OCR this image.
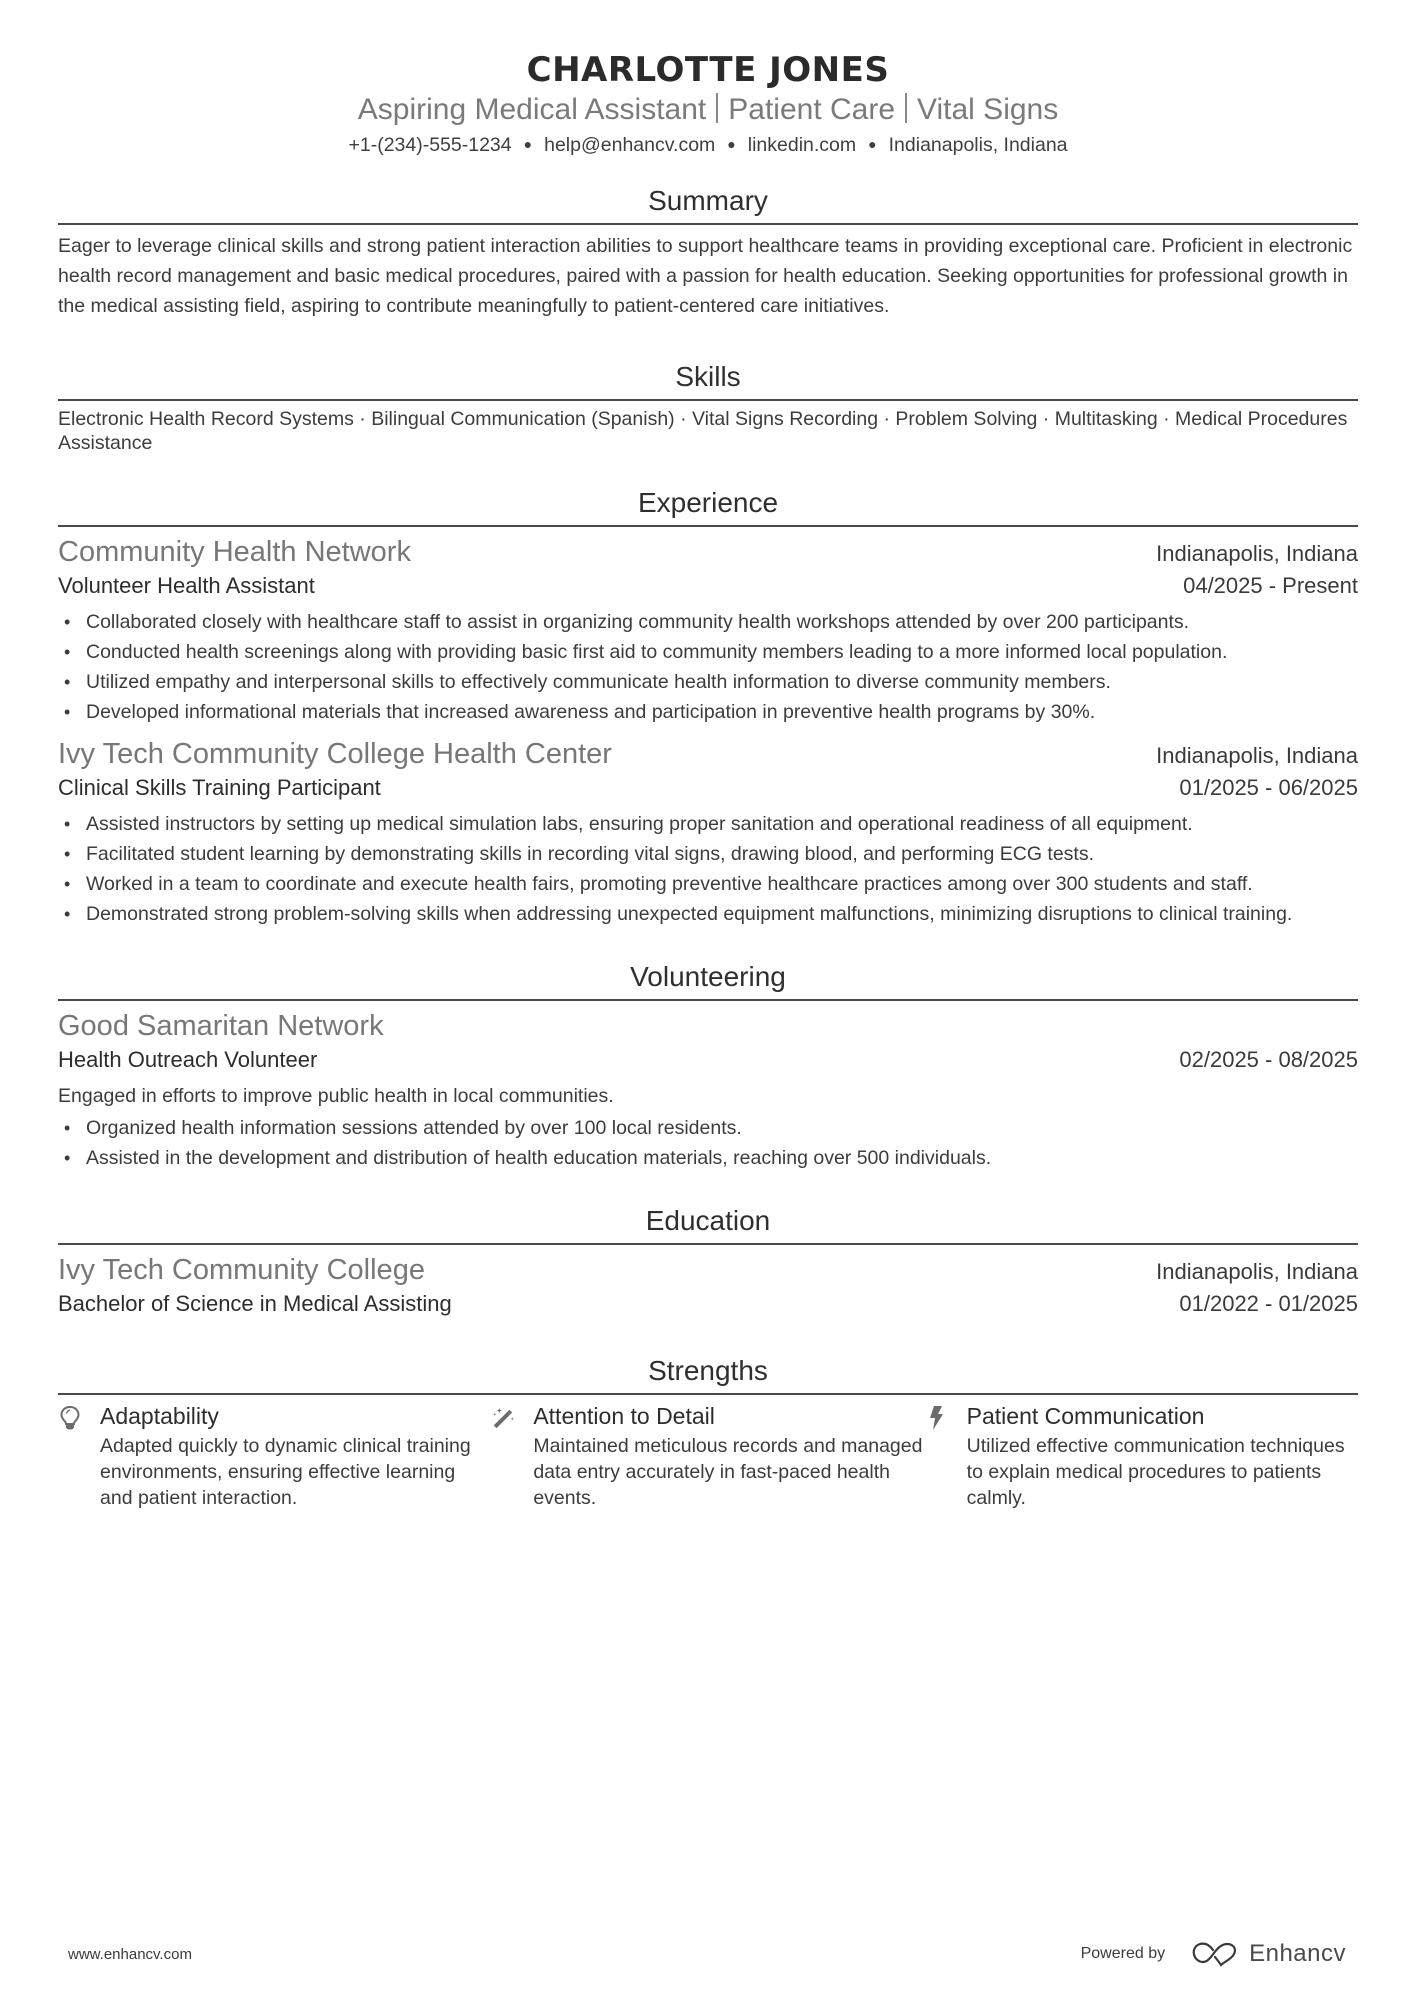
CHARLOTTE JONES
Aspiring Medical Assistant Patient Care Vital Signs
+1-(234)-555-1234 ● help@enhancv.com ● linkedin.com ● Indianapolis, Indiana
Summary
Eager to leverage clinical skills and strong patient interaction abilities to support healthcare teams in providing exceptional care. Proficient in electronic health record management and basic medical procedures, paired with a passion for health education. Seeking opportunities for professional growth in the medical assisting field, aspiring to contribute meaningfully to patient-centered care initiatives.
Skills
Electronic Health Record Systems · Bilingual Communication (Spanish) · Vital Signs Recording · Problem Solving · Multitasking · Medical Procedures Assistance
Experience
Community Health Network	Indianapolis, Indiana
Volunteer Health Assistant	04/2025 - Present
• Collaborated closely with healthcare staff to assist in organizing community health workshops attended by over 200 participants.
• Conducted health screenings along with providing basic first aid to community members leading to a more informed local population.
• Utilized empathy and interpersonal skills to effectively communicate health information to diverse community members.
• Developed informational materials that increased awareness and participation in preventive health programs by 30%.
Ivy Tech Community College Health Center	Indianapolis, Indiana
Clinical Skills Training Participant	01/2025 - 06/2025
• Assisted instructors by setting up medical simulation labs, ensuring proper sanitation and operational readiness of all equipment.
• Facilitated student learning by demonstrating skills in recording vital signs, drawing blood, and performing ECG tests.
• Worked in a team to coordinate and execute health fairs, promoting preventive healthcare practices among over 300 students and staff.
• Demonstrated strong problem-solving skills when addressing unexpected equipment malfunctions, minimizing disruptions to clinical training.
Volunteering
Good Samaritan Network
Health Outreach Volunteer	02/2025 - 08/2025
Engaged in efforts to improve public health in local communities.
• Organized health information sessions attended by over 100 local residents.
• Assisted in the development and distribution of health education materials, reaching over 500 individuals.
Education
Ivy Tech Community College	Indianapolis, Indiana
Bachelor of Science in Medical Assisting	01/2022 - 01/2025
Strengths
Adaptability
Adapted quickly to dynamic clinical training environments, ensuring effective learning and patient interaction.
Attention to Detail
Maintained meticulous records and managed data entry accurately in fast-paced health events.
Patient Communication
Utilized effective communication techniques to explain medical procedures to patients calmly.
www.enhancv.com	Powered by	Enhancv
